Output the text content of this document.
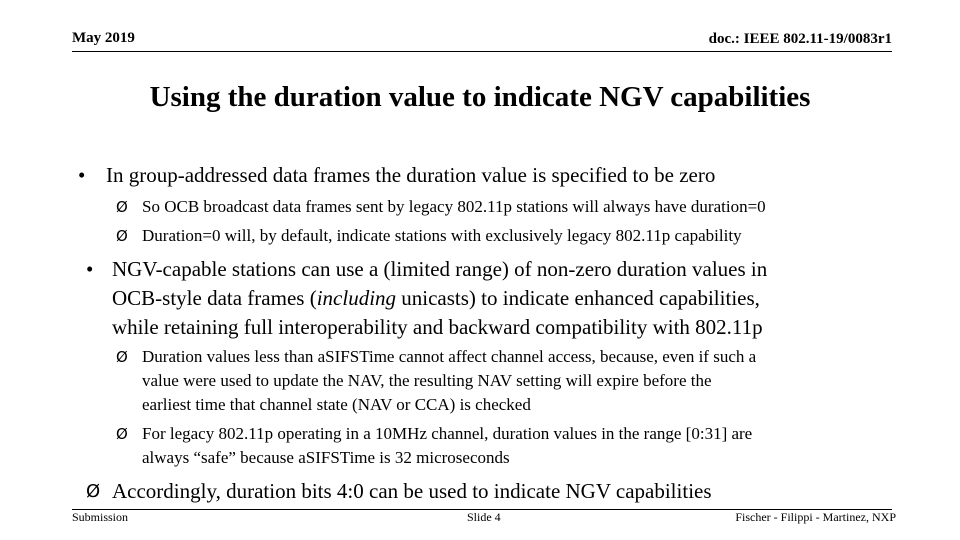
May 2019	doc.: IEEE 802.11-19/0083r1
Using the duration value to indicate NGV capabilities
• In group-addressed data frames the duration value is specified to be zero
Ø So OCB broadcast data frames sent by legacy 802.11p stations will always have duration=0
Ø Duration=0 will, by default, indicate stations with exclusively legacy 802.11p capability
• NGV-capable stations can use a (limited range) of non-zero duration values in
OCB-style data frames (including unicasts) to indicate enhanced capabilities,
while retaining full interoperability and backward compatibility with 802.11p
Ø Duration values less than aSIFSTime cannot affect channel access, because, even if such a
value were used to update the NAV, the resulting NAV setting will expire before the
earliest time that channel state (NAV or CCA) is checked
Ø For legacy 802.11p operating in a 10MHz channel, duration values in the range [0:31] are
always “safe” because aSIFSTime is 32 microseconds
Ø Accordingly, duration bits 4:0 can be used to indicate NGV capabilities
Submission	Slide 4	Fischer - Filippi - Martinez, NXP
